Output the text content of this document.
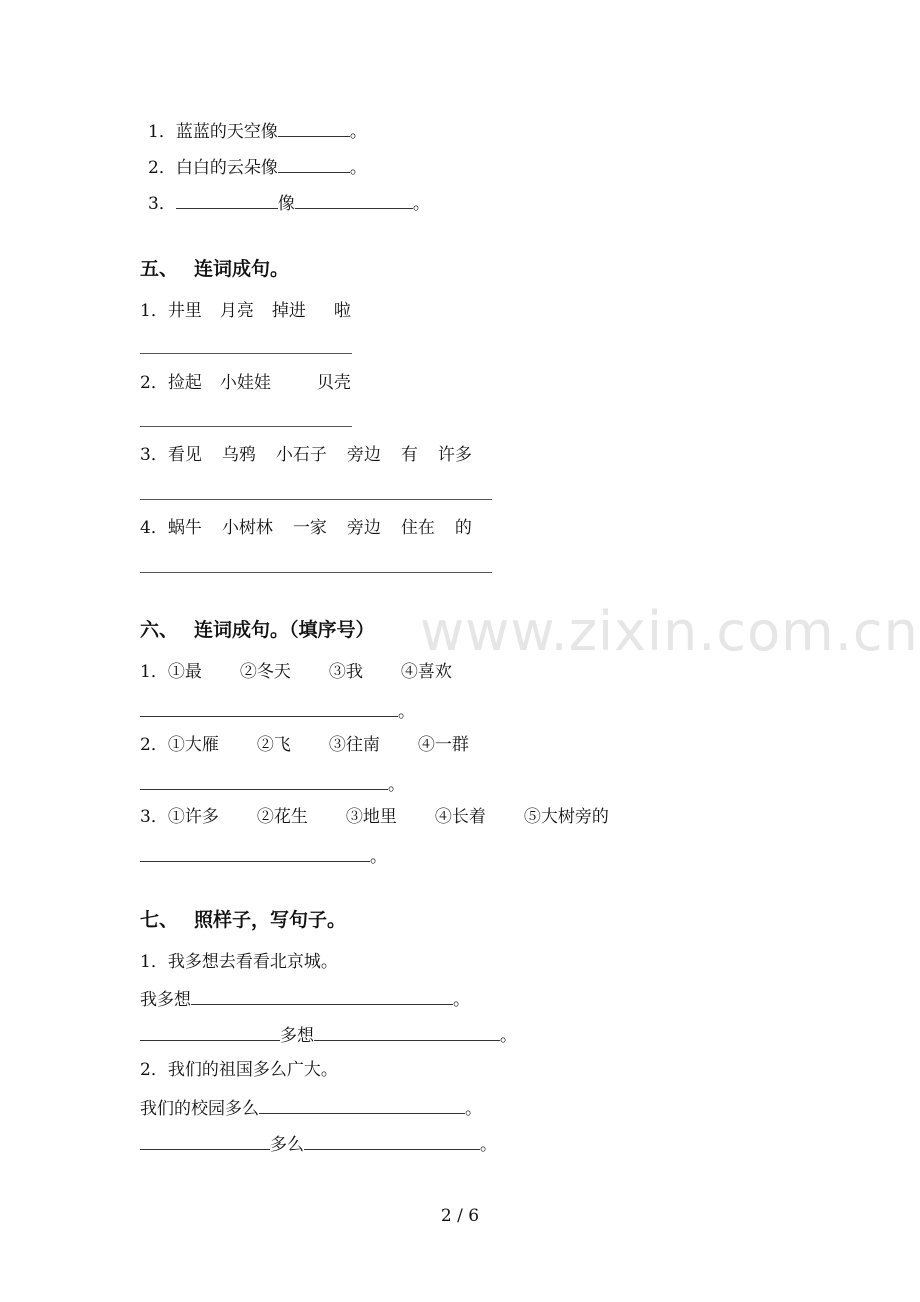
www.zixin.com.cn
1．蓝蓝的天空像	。
2．白白的云朵像	。
3．	像	。
五、 连词成句。
1．井里 月亮 掉进 啦
2．捡起 小娃娃	贝壳
3．看见 乌鸦 小石子 旁边 有 许多
4．蜗牛 小树林 一家 旁边 住在 的
六、 连词成句。（填序号）
1．①最 ②冬天 ③我 ④喜欢
。
2．①大雁 ②飞 ③往南 ④一群
。
3．①许多 ②花生 ③地里 ④长着 ⑤大树旁的
。
七、 照样子，写句子。
1．我多想去看看北京城。
我多想	。
多想	。
2．我们的祖国多么广大。
我们的校园多么	。
多么	。
2 / 6
